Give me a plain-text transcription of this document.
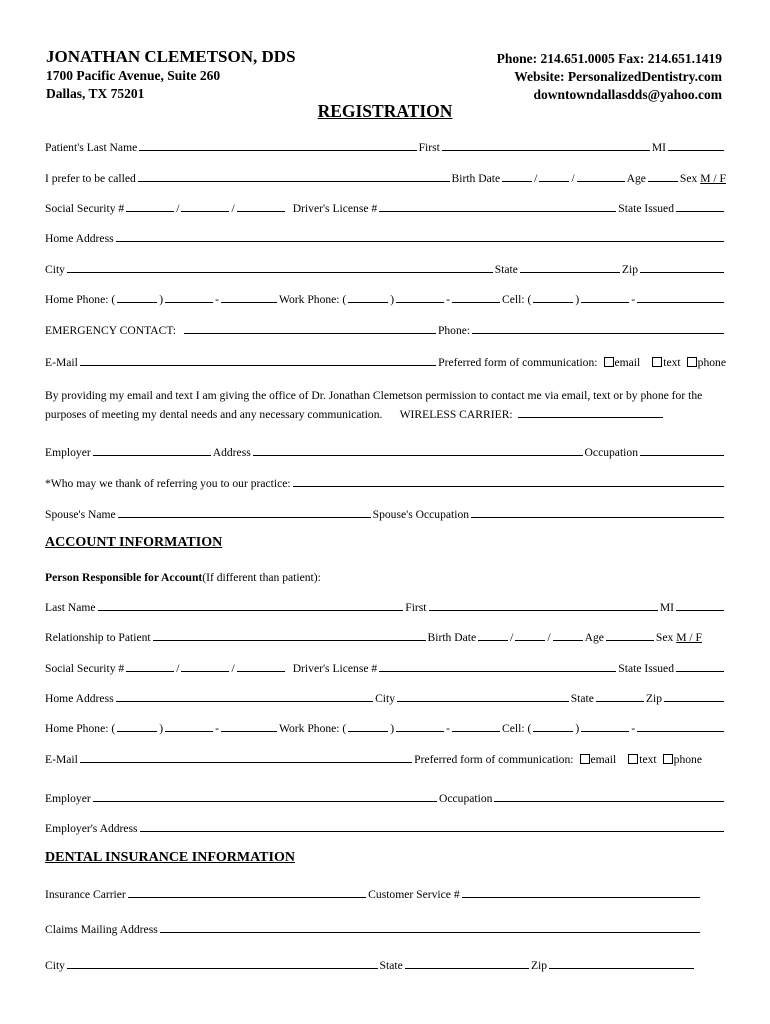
JONATHAN CLEMETSON, DDS
1700 Pacific Avenue, Suite 260
Dallas, TX 75201
Phone: 214.651.0005 Fax: 214.651.1419
Website: PersonalizedDentistry.com
downtowndallasdds@yahoo.com
REGISTRATION
Patient's Last Name	First	MI
I prefer to be called	Birth Date	/	/	Age	Sex
M / F
Social Security #	/	/	Driver's License #	State Issued
Home Address
City	State	Zip
Home Phone: (	)	-	Work Phone: (	)	-	Cell: (	)	-
EMERGENCY CONTACT:	Phone:
E-Mail	Preferred form of communication: email text phone
By providing my email and text I am giving the office of Dr. Jonathan Clemetson permission to contact me via email, text or by phone for the purposes of meeting my dental needs and any necessary communication. WIRELESS CARRIER:
Employer	Address	Occupation
*Who may we thank of referring you to our practice:
Spouse's Name	Spouse's Occupation
ACCOUNT INFORMATION
Person Responsible for Account (If different than patient):
Last Name	First	MI
Relationship to Patient	Birth Date	/	/	Age	Sex
M / F
Social Security #	/	/	Driver's License #	State Issued
Home Address	City	State	Zip
Home Phone: (	)	-	Work Phone: (	)	-	Cell: (	)	-
E-Mail	Preferred form of communication: email text phone
Employer	Occupation
Employer's Address
DENTAL INSURANCE INFORMATION
Insurance Carrier	Customer Service #
Claims Mailing Address
City	State	Zip
